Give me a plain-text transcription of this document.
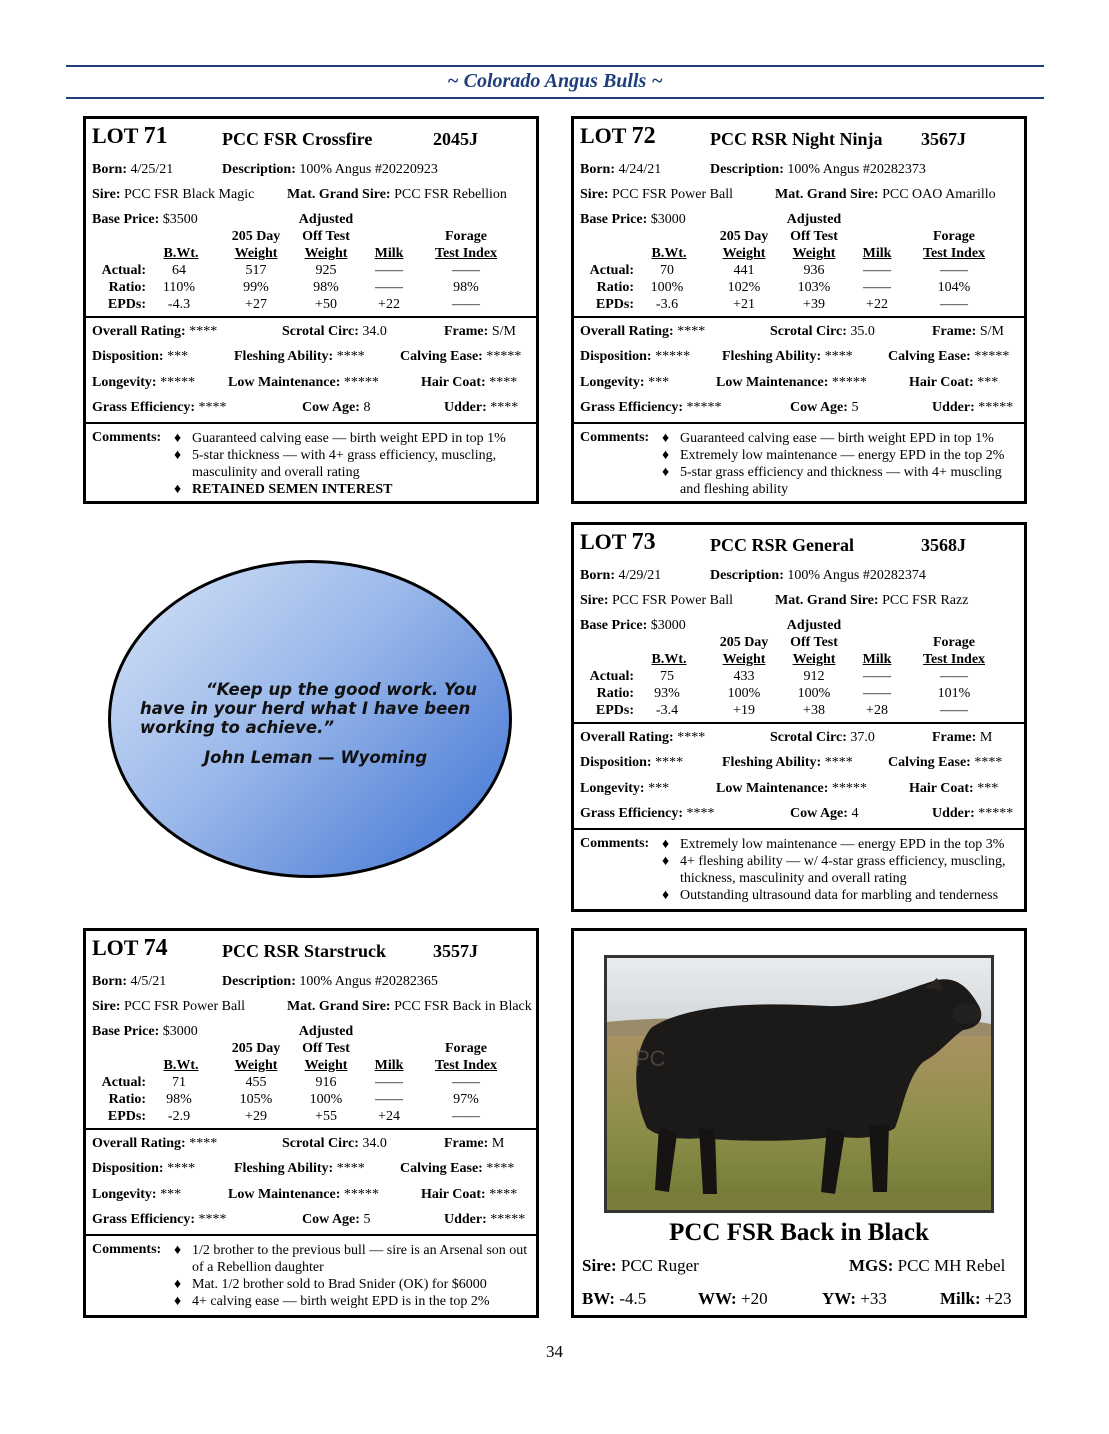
~ Colorado Angus Bulls ~
LOT 71	PCC FSR Crossfire	2045J
Born: 4/25/21	Description: 100% Angus #20220923
Sire: PCC FSR Black Magic Mat. Grand Sire: PCC FSR Rebellion
Base Price: $3500	Adjusted
205 Day	Off Test	Forage
B.Wt.	Weight	Weight	Milk	Test Index
Actual:	64	517	925	——	——
Ratio:	110%	99%	98%	——	98%
EPDs:	-4.3	+27	+50	+22	——
Overall Rating: ****	Scrotal Circ: 34.0	Frame: S/M
Disposition: ***	Fleshing Ability: ****	Calving Ease: *****
Longevity: ***** Low Maintenance: *****	Hair Coat: ****
Grass Efficiency: ****	Cow Age: 8	Udder: ****
Comments: ♦ Guaranteed calving ease — birth weight EPD in top 1%
♦ 5-star thickness — with 4+ grass efficiency, muscling, masculinity and overall rating
♦ RETAINED SEMEN INTEREST
LOT 72	PCC RSR Night Ninja 3567J
Born: 4/24/21	Description: 100% Angus #20282373
Sire: PCC FSR Power Ball	Mat. Grand Sire: PCC OAO Amarillo
Base Price: $3000	Adjusted
205 Day	Off Test	Forage
B.Wt.	Weight	Weight	Milk	Test Index
Actual:	70	441	936	——	——
Ratio:	100%	102%	103%	——	104%
EPDs:	-3.6	+21	+39	+22	——
Overall Rating: ****	Scrotal Circ: 35.0	Frame: S/M
Disposition: ***** Fleshing Ability: ****	Calving Ease: *****
Longevity: ***	Low Maintenance: *****	Hair Coat: ***
Grass Efficiency: *****	Cow Age: 5	Udder: *****
Comments: ♦ Guaranteed calving ease — birth weight EPD in top 1%
♦ Extremely low maintenance — energy EPD in the top 2%
♦ 5-star grass efficiency and thickness — with 4+ muscling and fleshing ability
LOT 73	PCC RSR General	3568J
Born: 4/29/21	Description: 100% Angus #20282374
Sire: PCC FSR Power Ball	Mat. Grand Sire: PCC FSR Razz
Base Price: $3000	Adjusted
205 Day	Off Test	Forage
B.Wt.	Weight	Weight	Milk	Test Index
Actual:	75	433	912	——	——
Ratio:	93%	100%	100%	——	101%
EPDs:	-3.4	+19	+38	+28	——
Overall Rating: ****	Scrotal Circ: 37.0	Frame: M
Disposition: ****	Fleshing Ability: ****	Calving Ease: ****
Longevity: ***	Low Maintenance: *****	Hair Coat: ***
Grass Efficiency: ****	Cow Age: 4	Udder: *****
Comments: ♦ Extremely low maintenance — energy EPD in the top 3%
♦ 4+ fleshing ability — w/ 4-star grass efficiency, muscling, thickness, masculinity and overall rating
♦ Outstanding ultrasound data for marbling and tenderness
LOT 74	PCC RSR Starstruck	3557J
Born: 4/5/21	Description: 100% Angus #20282365
Sire: PCC FSR Power Ball	Mat. Grand Sire: PCC FSR Back in Black
Base Price: $3000	Adjusted
205 Day	Off Test	Forage
B.Wt.	Weight	Weight	Milk	Test Index
Actual:	71	455	916	——	——
Ratio:	98%	105%	100%	——	97%
EPDs:	-2.9	+29	+55	+24	——
Overall Rating: ****	Scrotal Circ: 34.0	Frame: M
Disposition: ****	Fleshing Ability: ****	Calving Ease: ****
Longevity: ***	Low Maintenance: *****	Hair Coat: ****
Grass Efficiency: ****	Cow Age: 5	Udder: *****
Comments: ♦ 1/2 brother to the previous bull — sire is an Arsenal son out of a Rebellion daughter
♦ Mat. 1/2 brother sold to Brad Snider (OK) for $6000
♦ 4+ calving ease — birth weight EPD is in the top 2%
“Keep up the good work. You have in your herd what I have been working to achieve.”
John Leman — Wyoming
PC
PCC FSR Back in Black
Sire: PCC Ruger	MGS: PCC MH Rebel
BW: -4.5	WW: +20	YW: +33	Milk: +23
34
